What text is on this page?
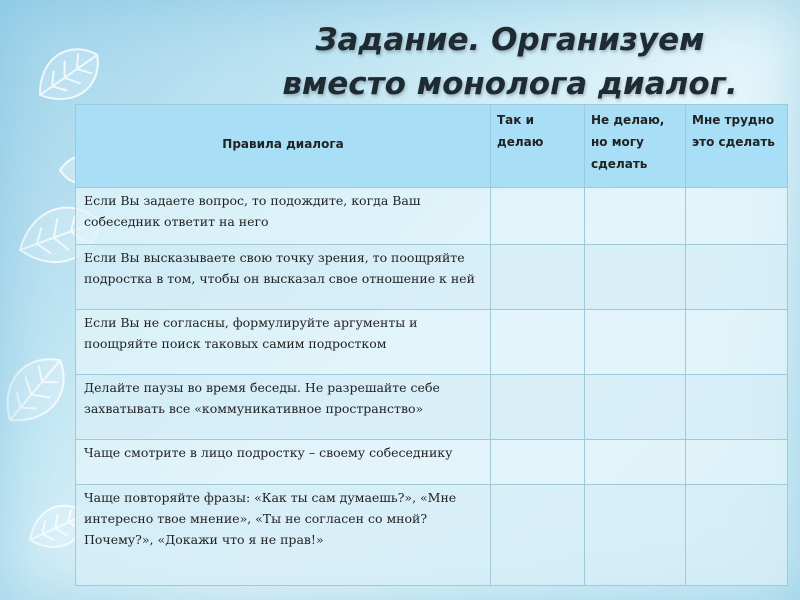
Задание. Организуем
вместо монолога диалог.
Правила диалога	Так и делаю	Не делаю, но могу сделать	Мне трудно это сделать
Если Вы задаете вопрос, то подождите, когда Ваш собеседник ответит на него			
Если Вы высказываете свою точку зрения, то поощряйте подростка в том, чтобы он высказал свое отношение к ней			
Если Вы не согласны, формулируйте аргументы и поощряйте поиск таковых самим подростком			
Делайте паузы во время беседы. Не разрешайте себе захватывать все «коммуникативное пространство»			
Чаще смотрите в лицо подростку – своему собеседнику			
Чаще повторяйте фразы: «Как ты сам думаешь?», «Мне интересно твое мнение», «Ты не согласен со мной? Почему?», «Докажи что я не прав!»			
